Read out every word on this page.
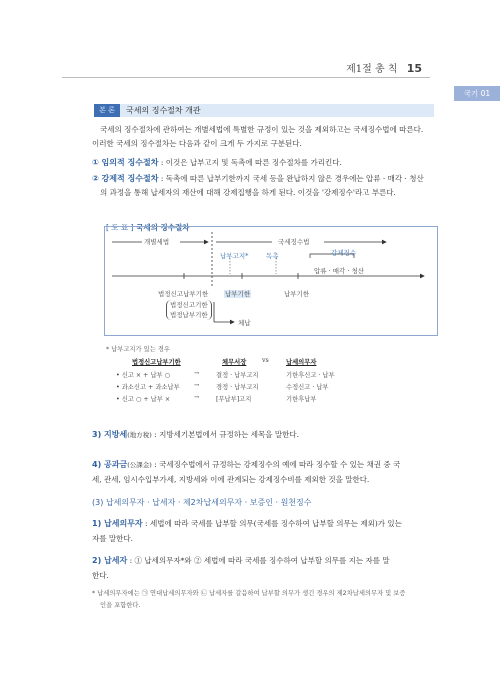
제1절 총 칙 15
국기 01
본 론	국세의 징수절차 개관
국세의 징수절차에 관하여는 개별세법에 특별한 규정이 있는 것을 제외하고는 국세징수법에 따른다.
이러한 국세의 징수절차는 다음과 같이 크게 두 가지로 구분된다.
① 임의적 징수절차 : 이것은 납부고지 및 독촉에 따른 징수절차를 가리킨다.
② 강제적 징수절차 : 독촉에 따른 납부기한까지 국세 등을 완납하지 않은 경우에는 압류 · 매각 · 청산
의 과정을 통해 납세자의 재산에 대해 강제집행을 하게 된다. 이것을 '강제징수'라고 부른다.
[ 도 표 ] 국세의 징수절차
개별세법	국세징수법
납부고지*	독촉	강제징수
압류 · 매각 · 청산
법정신고납부기한
법정신고기한
법정납부기한
납부기한	납부기한
체납
* 납부고지가 있는 경우
법정신고납부기한	체무서장 vs	납세의무자
• 신고 × + 납부 ○	→	결정 · 납부고지	기한후신고 · 납부
• 과소신고 + 과소납부 →	경정 · 납부고지	수정신고 · 납부
• 신고 ○ + 납부 ×	→	[무납부]고지	기한후납부
3) 지방세(地方稅) : 지방세기본법에서 규정하는 세목을 말한다.
4) 공과금(公課金) : 국세징수법에서 규정하는 강제징수의 예에 따라 징수할 수 있는 채권 중 국
세, 관세, 임시수입부가세, 지방세와 이에 관계되는 강제징수비를 제외한 것을 말한다.
(3) 납세의무자 · 납세자 · 제2차납세의무자 · 보증인 · 원천징수
1) 납세의무자 : 세법에 따라 국세를 납부할 의무(국세를 징수하여 납부할 의무는 제외)가 있는
자를 말한다.
2) 납세자 : ① 납세의무자*와 ② 세법에 따라 국세를 징수하여 납부할 의무를 지는 자를 말
한다.
* 납세의무자에는 ㉠ 연대납세의무자와 ㉡ 납세자를 갈음하여 납부할 의무가 생긴 경우의 제2차납세의무자 및 보증
인을 포함한다.
